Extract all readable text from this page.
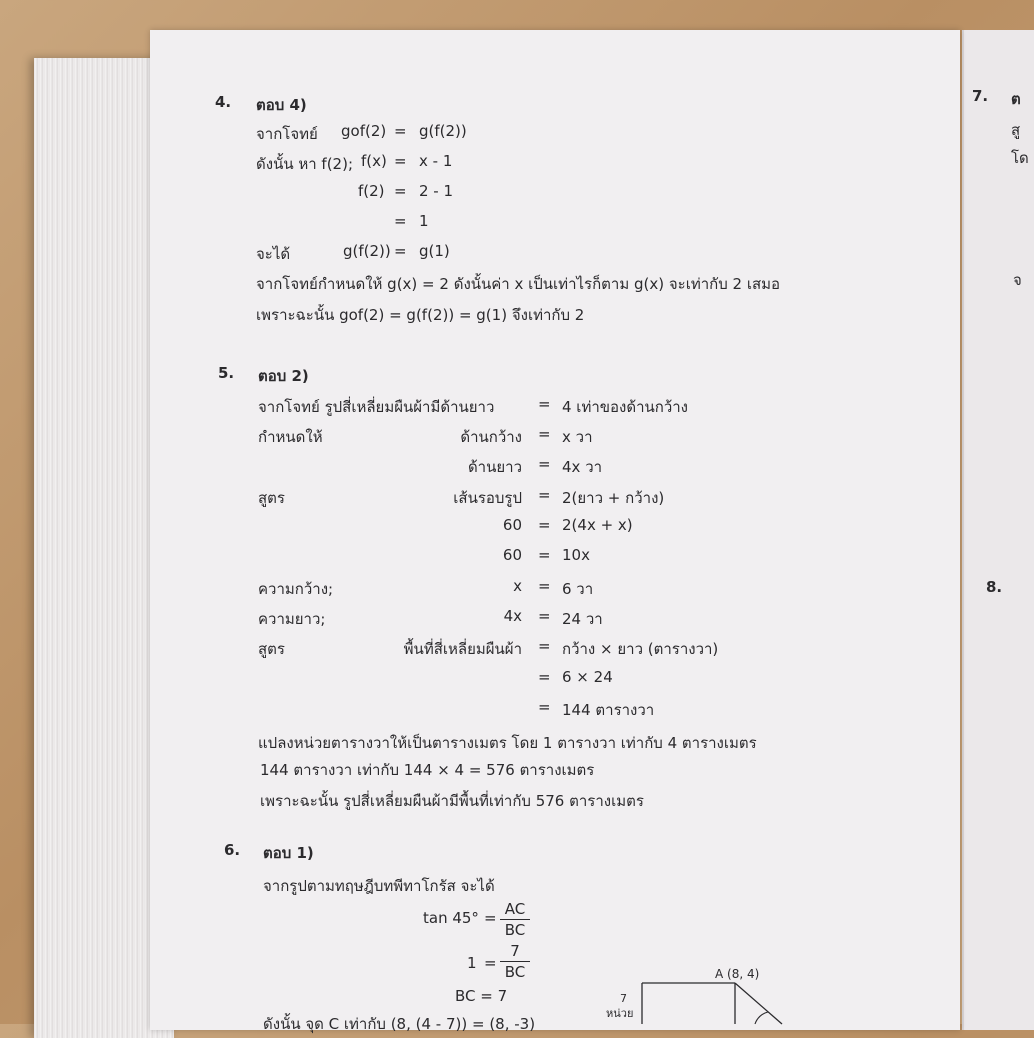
4. ตอบ 4)
จากโจทย์ gof(2) = g(f(2))
ดังนั้น หา f(2); f(x) = x - 1
f(2) = 2 - 1
= 1
จะได้	g(f(2)) = g(1)
จากโจทย์กำหนดให้ g(x) = 2 ดังนั้นค่า x เป็นเท่าไรก็ตาม g(x) จะเท่ากับ 2 เสมอ
เพราะฉะนั้น gof(2) = g(f(2)) = g(1) จึงเท่ากับ 2
5. ตอบ 2)
จากโจทย์ รูปสี่เหลี่ยมผืนผ้ามีด้านยาว	= 4 เท่าของด้านกว้าง
กำหนดให้	ด้านกว้าง = x วา
ด้านยาว = 4x วา
สูตร	เส้นรอบรูป = 2(ยาว + กว้าง)
60 = 2(4x + x)
60 = 10x
ความกว้าง;	x = 6 วา
ความยาว;	4x = 24 วา
สูตร	พื้นที่สี่เหลี่ยมผืนผ้า = กว้าง × ยาว (ตารางวา)
= 6 × 24
= 144 ตารางวา
แปลงหน่วยตารางวาให้เป็นตารางเมตร โดย 1 ตารางวา เท่ากับ 4 ตารางเมตร
144 ตารางวา เท่ากับ 144 × 4 = 576 ตารางเมตร
เพราะฉะนั้น รูปสี่เหลี่ยมผืนผ้ามีพื้นที่เท่ากับ 576 ตารางเมตร
6. ตอบ 1)
จากรูปตามทฤษฎีบทพีทาโกรัส จะได้
tan 45° = AC
BC
1 =
7
BC
BC = 7
ดังนั้น จุด C เท่ากับ (8, (4 - 7)) = (8, -3)
A (8, 4)
7
หน่วย
7. ต
สู
โด
จ
8.
